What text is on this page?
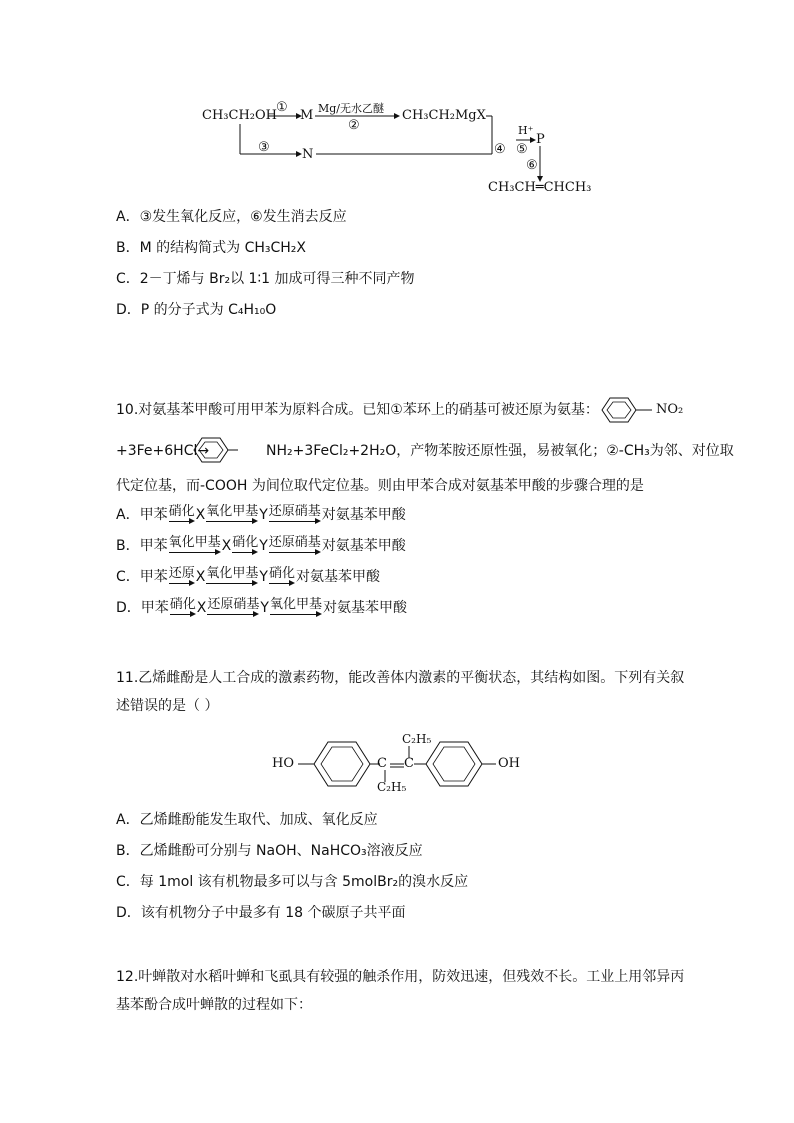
CH₃CH₂OH
①
M Mg/无水乙醚
②
CH₃CH₂MgX
③ N	④ ⑤
H⁺
P
⑥
CH₃CH═CHCH₃
A．③发生氧化反应，⑥发生消去反应
B．M 的结构简式为 CH₃CH₂X
C．2－丁烯与 Br₂以 1∶1 加成可得三种不同产物
D．P 的分子式为 C₄H₁₀O
10.对氨基苯甲酸可用甲苯为原料合成。已知①苯环上的硝基可被还原为氨基：	NO₂
+3Fe+6HCl→	NH₂+3FeCl₂+2H₂O，产物苯胺还原性强，易被氧化；②-CH₃为邻、对位取
代定位基，而-COOH 为间位取代定位基。则由甲苯合成对氨基苯甲酸的步骤合理的是
A．甲苯 硝化 X 氧化甲基 Y 还原硝基 对氨基苯甲酸
B．甲苯 氧化甲基 X 硝化 Y 还原硝基 对氨基苯甲酸
C．甲苯 还原 X 氧化甲基 Y 硝化 对氨基苯甲酸
D．甲苯 硝化 X 还原硝基 Y 氧化甲基 对氨基苯甲酸
11.乙烯雌酚是人工合成的激素药物，能改善体内激素的平衡状态，其结构如图。下列有关叙
述错误的是（ ）
HO	C C
C₂H₅
C₂H₅
OH
A．乙烯雌酚能发生取代、加成、氧化反应
B．乙烯雌酚可分别与 NaOH、NaHCO₃溶液反应
C．每 1mol 该有机物最多可以与含 5molBr₂的溴水反应
D．该有机物分子中最多有 18 个碳原子共平面
12.叶蝉散对水稻叶蝉和飞虱具有较强的触杀作用，防效迅速，但残效不长。工业上用邻异丙
基苯酚合成叶蝉散的过程如下：
